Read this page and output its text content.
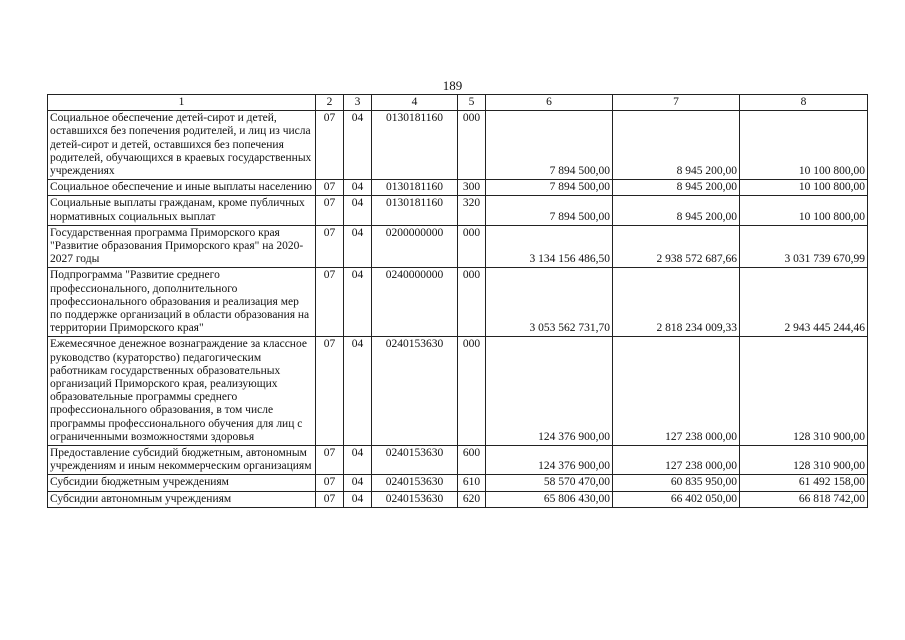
189
1	2	3	4	5	6	7	8
Социальное обеспечение детей-сирот и детей, оставшихся без попечения родителей, и лиц из числа детей-сирот и детей, оставшихся без попечения родителей, обучающихся в краевых государственных учреждениях	07	04	0130181160	000	7 894 500,00	8 945 200,00	10 100 800,00
Социальное обеспечение и иные выплаты населению	07	04	0130181160	300	7 894 500,00	8 945 200,00	10 100 800,00
Социальные выплаты гражданам, кроме публичных нормативных социальных выплат	07	04	0130181160	320	7 894 500,00	8 945 200,00	10 100 800,00
Государственная программа Приморского края "Развитие образования Приморского края" на 2020-2027 годы	07	04	0200000000	000	3 134 156 486,50	2 938 572 687,66	3 031 739 670,99
Подпрограмма "Развитие среднего профессионального, дополнительного профессионального образования и реализация мер по поддержке организаций в области образования на территории Приморского края"	07	04	0240000000	000	3 053 562 731,70	2 818 234 009,33	2 943 445 244,46
Ежемесячное денежное вознаграждение за классное руководство (кураторство) педагогическим работникам государственных образовательных организаций Приморского края, реализующих образовательные программы среднего профессионального образования, в том числе программы профессионального обучения для лиц с ограниченными возможностями здоровья	07	04	0240153630	000	124 376 900,00	127 238 000,00	128 310 900,00
Предоставление субсидий бюджетным, автономным учреждениям и иным некоммерческим организациям	07	04	0240153630	600	124 376 900,00	127 238 000,00	128 310 900,00
Субсидии бюджетным учреждениям	07	04	0240153630	610	58 570 470,00	60 835 950,00	61 492 158,00
Субсидии автономным учреждениям	07	04	0240153630	620	65 806 430,00	66 402 050,00	66 818 742,00
